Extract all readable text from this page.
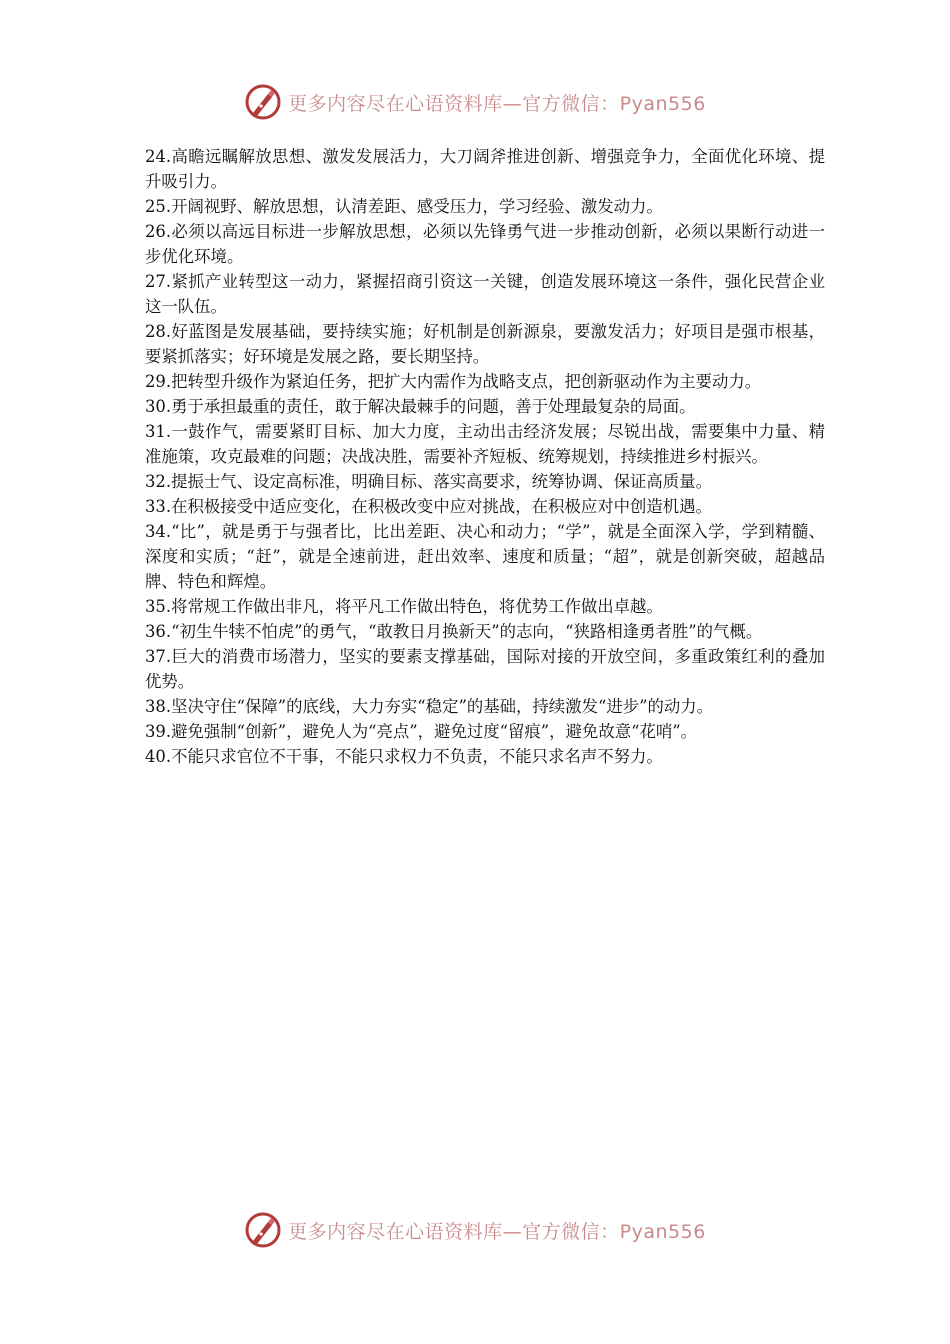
更多内容尽在心语资料库—官方微信：Pyan556
24.高瞻远瞩解放思想、激发发展活力，大刀阔斧推进创新、增强竞争力，全面优化环境、提升吸引力。
25.开阔视野、解放思想，认清差距、感受压力，学习经验、激发动力。
26.必须以高远目标进一步解放思想，必须以先锋勇气进一步推动创新，必须以果断行动进一步优化环境。
27.紧抓产业转型这一动力，紧握招商引资这一关键，创造发展环境这一条件，强化民营企业这一队伍。
28.好蓝图是发展基础，要持续实施；好机制是创新源泉，要激发活力；好项目是强市根基，要紧抓落实；好环境是发展之路，要长期坚持。
29.把转型升级作为紧迫任务，把扩大内需作为战略支点，把创新驱动作为主要动力。
30.勇于承担最重的责任，敢于解决最棘手的问题，善于处理最复杂的局面。
31.一鼓作气，需要紧盯目标、加大力度，主动出击经济发展；尽锐出战，需要集中力量、精准施策，攻克最难的问题；决战决胜，需要补齐短板、统筹规划，持续推进乡村振兴。
32.提振士气、设定高标准，明确目标、落实高要求，统筹协调、保证高质量。
33.在积极接受中适应变化，在积极改变中应对挑战，在积极应对中创造机遇。
34.“比”，就是勇于与强者比，比出差距、决心和动力；“学”，就是全面深入学，学到精髓、深度和实质；“赶”，就是全速前进，赶出效率、速度和质量；“超”，就是创新突破，超越品牌、特色和辉煌。
35.将常规工作做出非凡，将平凡工作做出特色，将优势工作做出卓越。
36.“初生牛犊不怕虎”的勇气，“敢教日月换新天”的志向，“狭路相逢勇者胜”的气概。
37.巨大的消费市场潜力，坚实的要素支撑基础，国际对接的开放空间，多重政策红利的叠加优势。
38.坚决守住“保障”的底线，大力夯实“稳定”的基础，持续激发“进步”的动力。
39.避免强制“创新”，避免人为“亮点”，避免过度“留痕”，避免故意“花哨”。
40.不能只求官位不干事，不能只求权力不负责，不能只求名声不努力。
更多内容尽在心语资料库—官方微信：Pyan556
